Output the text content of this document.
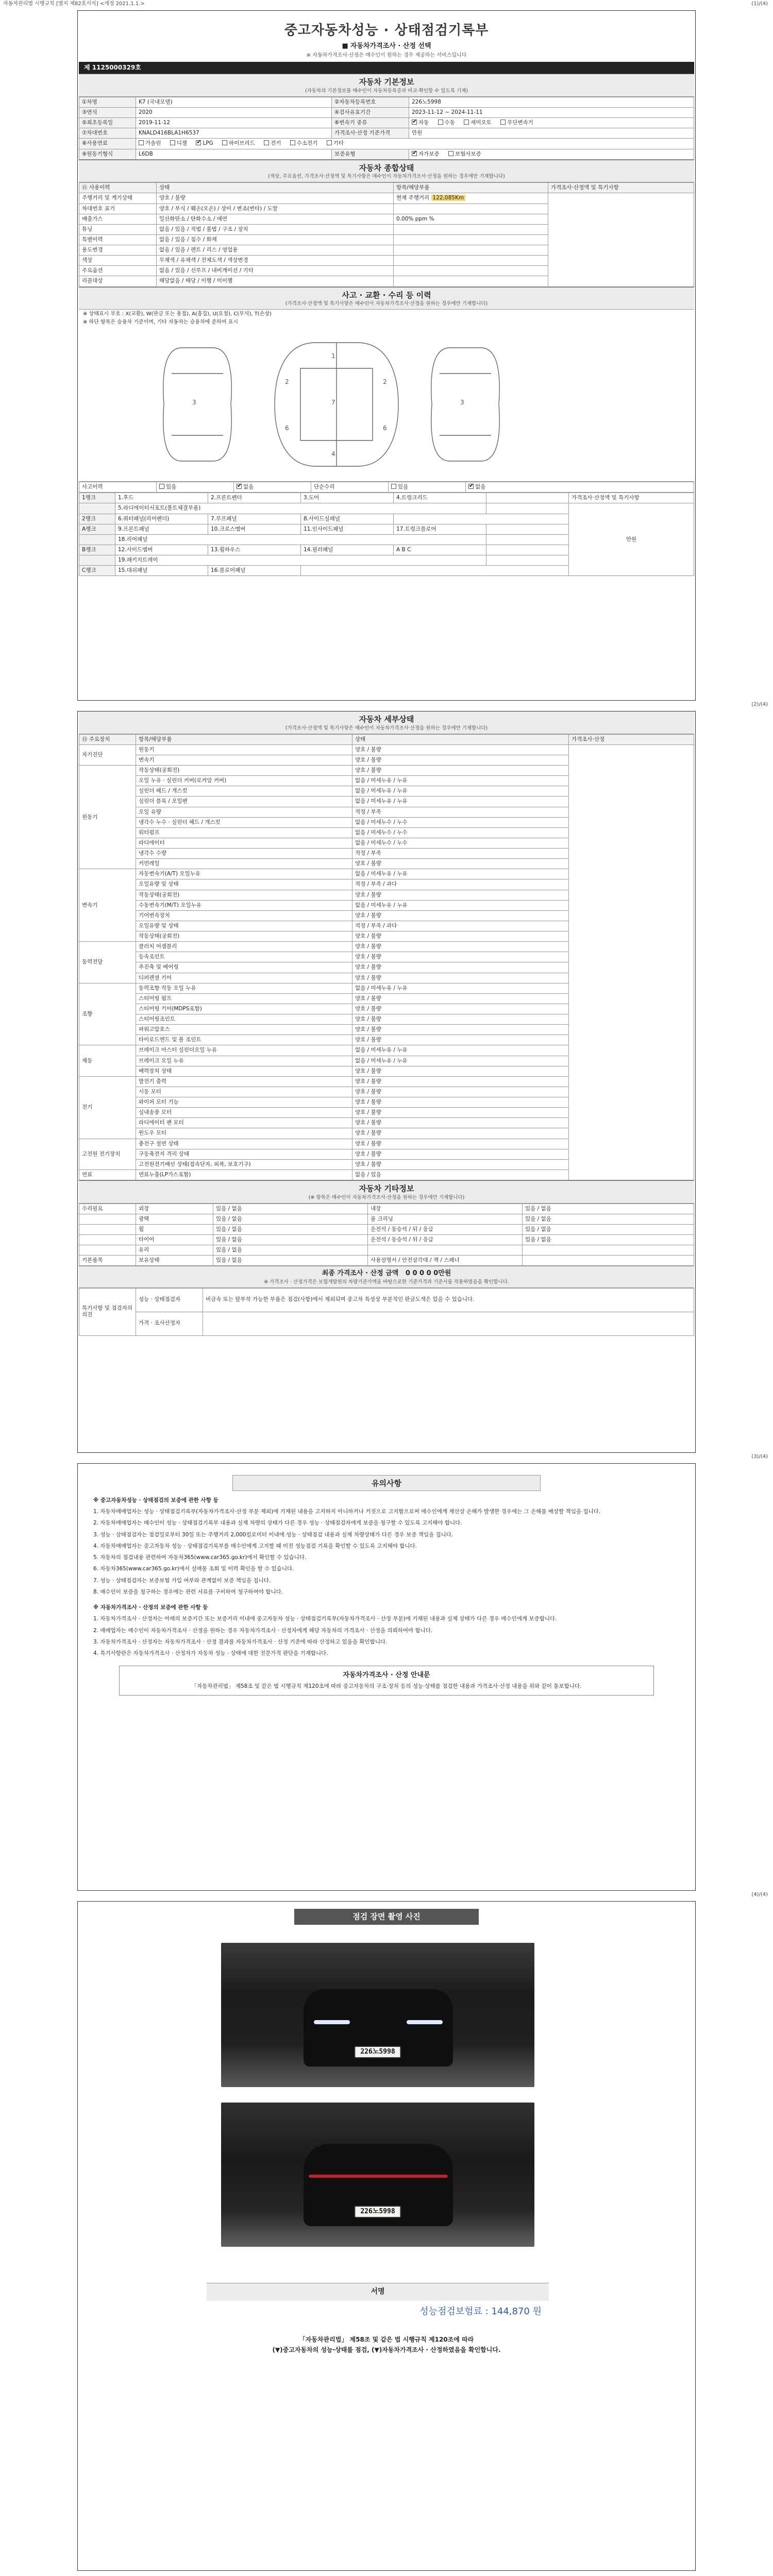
자동차관리법 시행규칙 [별지 제82호서식] <개정 2021.1.1.>	(1)/(4)
중고자동차성능 · 상태점검기록부
■ 자동차가격조사 · 산정 선택
※ 자동차가격조사·산정은 매수인이 원하는 경우 제공하는 서비스입니다
제 1125000329호
자동차 기본정보

(자동차의 기본정보를 매수인이 자동차등록증과 비교·확인할 수 있도록 기재)

①차명	K7 (국내모델)	②자동차등록번호	226노5998
③연식	2020	④검사유효기간	2023-11-12 ~ 2024-11-11
⑤최초등록일	2019-11-12	⑥변속기 종류	✔자동 수동 세미오토 무단변속기
⑦차대번호	KNALD416BLA1H6537	가격조사·산정 기준가격	만원
⑧사용연료	가솔린 디젤 ✔ LPG 하이브리드 전기 수소전기 기타
⑨원동기형식	L6DB	보증유형	✔자가보증 보험사보증
자동차 종합상태

(색상, 주요옵션, 가격조사·산정액 및 특기사항은 매수인이 자동차가격조사·산정을 원하는 경우에만 기재합니다)

⑪ 사용이력	상태	항목/해당부품	가격조사·산정액 및 특기사항
주행거리 및 계기상태	양호 / 불량	현재 주행거리 122,085Km	
차대번호 표기	양호 / 부식 / 훼손(오손) / 상이 / 변조(변타) / 도말		
배출가스	일산화탄소 / 탄화수소 / 매연	0.00% ppm %	
튜닝	없음 / 있음 / 적법 / 불법 / 구조 / 장치		
특별이력	없음 / 있음 / 침수 / 화재		
용도변경	없음 / 있음 / 렌트 / 리스 / 영업용		
색상	무채색 / 유채색 / 전체도색 / 색상변경		
주요옵션	없음 / 있음 / 선루프 / 내비게이션 / 기타		
리콜대상	해당없음 / 해당 / 이행 / 미이행		
사고 · 교환 · 수리 등 이력

(가격조사·산정액 및 특기사항은 매수인이 자동차가격조사·산정을 원하는 경우에만 기재합니다)

※ 상태표시 부호 : X(교환), W(판금 또는 용접), A(흠집), U(요철), C(부식), T(손상)
※ 하단 항목은 승용차 기준이며, 기타 자동차는 승용차에 준하여 표시
1
7
4
2	2
6	6
3	3
사고이력	있음	✔없음	단순수리	있음	✔없음
1랭크	1.후드	2.프론트펜더	3.도어	4.트렁크리드		가격조사·산정액 및 특기사항
	5.라디에이터서포트(볼트체결부품)					만원
2랭크	6.쿼터패널(리어펜더)	7.루프패널	8.사이드실패널			
A랭크	9.프론트패널	10.크로스멤버	11.인사이드패널	17.트렁크플로어		
	18.리어패널					
B랭크	12.사이드멤버	13.휠하우스	14.필러패널	A B C		
	19.패키지트레이					
C랭크	15.대쉬패널	16.플로어패널				
(2)/(4)
자동차 세부상태

(가격조사·산정액 및 특기사항은 매수인이 자동차가격조사·산정을 원하는 경우에만 기재합니다)

⑬ 주요장치	항목/해당부품	상태	가격조사·산정
자기진단	원동기	양호 / 불량	
	변속기	양호 / 불량	
원동기	작동상태(공회전)	양호 / 불량	
	오일 누유 · 실린더 커버(로커암 커버)	없음 / 미세누유 / 누유	
	실린더 헤드 / 개스킷	없음 / 미세누유 / 누유	
	실린더 블록 / 오일팬	없음 / 미세누유 / 누유	
	오일 유량	적정 / 부족	
	냉각수 누수 · 실린더 헤드 / 개스킷	없음 / 미세누수 / 누수	
	워터펌프	없음 / 미세누수 / 누수	
	라디에이터	없음 / 미세누수 / 누수	
	냉각수 수량	적정 / 부족	
	커먼레일	양호 / 불량	
변속기	자동변속기(A/T) 오일누유	없음 / 미세누유 / 누유	
	오일유량 및 상태	적정 / 부족 / 과다	
	작동상태(공회전)	양호 / 불량	
	수동변속기(M/T) 오일누유	없음 / 미세누유 / 누유	
	기어변속장치	양호 / 불량	
	오일유량 및 상태	적정 / 부족 / 과다	
	작동상태(공회전)	양호 / 불량	
동력전달	클러치 어셈블리	양호 / 불량	
	등속조인트	양호 / 불량	
	추진축 및 베어링	양호 / 불량	
	디퍼렌셜 기어	양호 / 불량	
조향	동력조향 작동 오일 누유	없음 / 미세누유 / 누유	
	스티어링 펌프	양호 / 불량	
	스티어링 기어(MDPS포함)	양호 / 불량	
	스티어링조인트	양호 / 불량	
	파워고압호스	양호 / 불량	
	타이로드엔드 및 볼 조인트	양호 / 불량	
제동	브레이크 마스터 실린더오일 누유	없음 / 미세누유 / 누유	
	브레이크 오일 누유	없음 / 미세누유 / 누유	
	배력장치 상태	양호 / 불량	
전기	발전기 출력	양호 / 불량	
	시동 모터	양호 / 불량	
	와이퍼 모터 기능	양호 / 불량	
	실내송풍 모터	양호 / 불량	
	라디에이터 팬 모터	양호 / 불량	
	윈도우 모터	양호 / 불량	
고전원 전기장치	충전구 절연 상태	양호 / 불량	
	구동축전지 격리 상태	양호 / 불량	
	고전원전기배선 상태(접속단자, 피복, 보호기구)	양호 / 불량	
연료	연료누출(LP가스포함)	없음 / 있음	
자동차 기타정보

(※ 항목은 매수인이 자동차가격조사·산정을 원하는 경우에만 기재합니다)

수리필요	외장	있음 / 없음	내장	있음 / 없음
	광택	있음 / 없음	룸 크리닝	있음 / 없음
	휠	있음 / 없음	운전석 / 동승석 / 뒤 / 응급	있음 / 없음
	타이어	있음 / 없음	운전석 / 동승석 / 뒤 / 응급	있음 / 없음
	유리	있음 / 없음		
기본품목	보유상태	있음 / 없음	사용설명서 / 안전삼각대 / 잭 / 스패너	
최종 가격조사 · 산정 금액 0 0 0 0 0만원

※ 가격조사 · 산정가격은 보험개발원의 차량기준가액을 바탕으로한 기준가격과 기준서를 적용하였음을 확인합니다.

특기사항 및 점검자의 의견	성능 · 상태점검자	비금속 또는 탈부착 가능한 부품은 점검(사항)에서 제외되며 중고차 특성상 부분적인 판금도색은 있을 수 있습니다.
	가격 · 조사산정자	
(3)/(4)
유의사항

※ 중고자동차성능 · 상태점검의 보증에 관한 사항 등

1. 자동차매매업자는 성능 · 상태점검기록부(자동차가격조사·산정 부분 제외)에 기재된 내용을 고지하지 아니하거나 거짓으로 고지함으로써 매수인에게 재산상 손해가 발생한 경우에는 그 손해를 배상할 책임을 집니다.

2. 자동차매매업자는 매수인이 성능 · 상태점검기록부 내용과 실제 차량의 상태가 다른 경우 성능 · 상태점검자에게 보증을 청구할 수 있도록 고지해야 합니다.

3. 성능 · 상태점검자는 점검일로부터 30일 또는 주행거리 2,000킬로미터 이내에 성능 · 상태점검 내용과 실제 차량상태가 다른 경우 보증 책임을 집니다.

4. 자동차매매업자는 중고자동차 성능 · 상태점검기록부를 매수인에게 고지할 때 이전 성능점검 기록을 확인할 수 있도록 고지해야 합니다.

5. 자동차의 점검내용 관련하여 자동차365(www.car365.go.kr)에서 확인할 수 있습니다.

6. 자동차365(www.car365.go.kr)에서 실매물 조회 및 이력 확인을 할 수 있습니다.

7. 성능 · 상태점검자는 보증보험 가입 여부와 관계없이 보증 책임을 집니다.

8. 매수인이 보증을 청구하는 경우에는 관련 서류를 구비하여 청구하여야 합니다.

※ 자동차가격조사 · 산정의 보증에 관한 사항 등

1. 자동차가격조사 · 산정자는 아래의 보증기간 또는 보증거리 이내에 중고자동차 성능 · 상태점검기록부(자동차가격조사 · 산정 부분)에 기재된 내용과 실제 상태가 다른 경우 매수인에게 보증합니다.

2. 매매업자는 매수인이 자동차가격조사 · 산정을 원하는 경우 자동차가격조사 · 산정자에게 해당 자동차의 가격조사 · 산정을 의뢰하여야 합니다.

3. 자동차가격조사 · 산정자는 자동차가격조사 · 산정 결과를 자동차가격조사 · 산정 기준에 따라 산정하고 있음을 확인합니다.

4. 특기사항란은 자동차가격조사 · 산정자가 자동차 성능 · 상태에 대한 전문가적 판단을 기재합니다.

자동차가격조사 · 산정 안내문
「자동차관리법」 제58조 및 같은 법 시행규칙 제120조에 따라 중고자동차의 구조·장치 등의 성능·상태를 점검한 내용과 가격조사·산정 내용을 위와 같이 통보합니다.
(4)/(4)
점검 장면 촬영 사진
226노5998
226노5998
서명
성능점검보험료 : 144,870 원
「자동차관리법」 제58조 및 같은 법 시행규칙 제120조에 따라
(▼)중고자동차의 성능·상태를 점검, (▼)자동차가격조사 · 산정하였음을 확인합니다.
